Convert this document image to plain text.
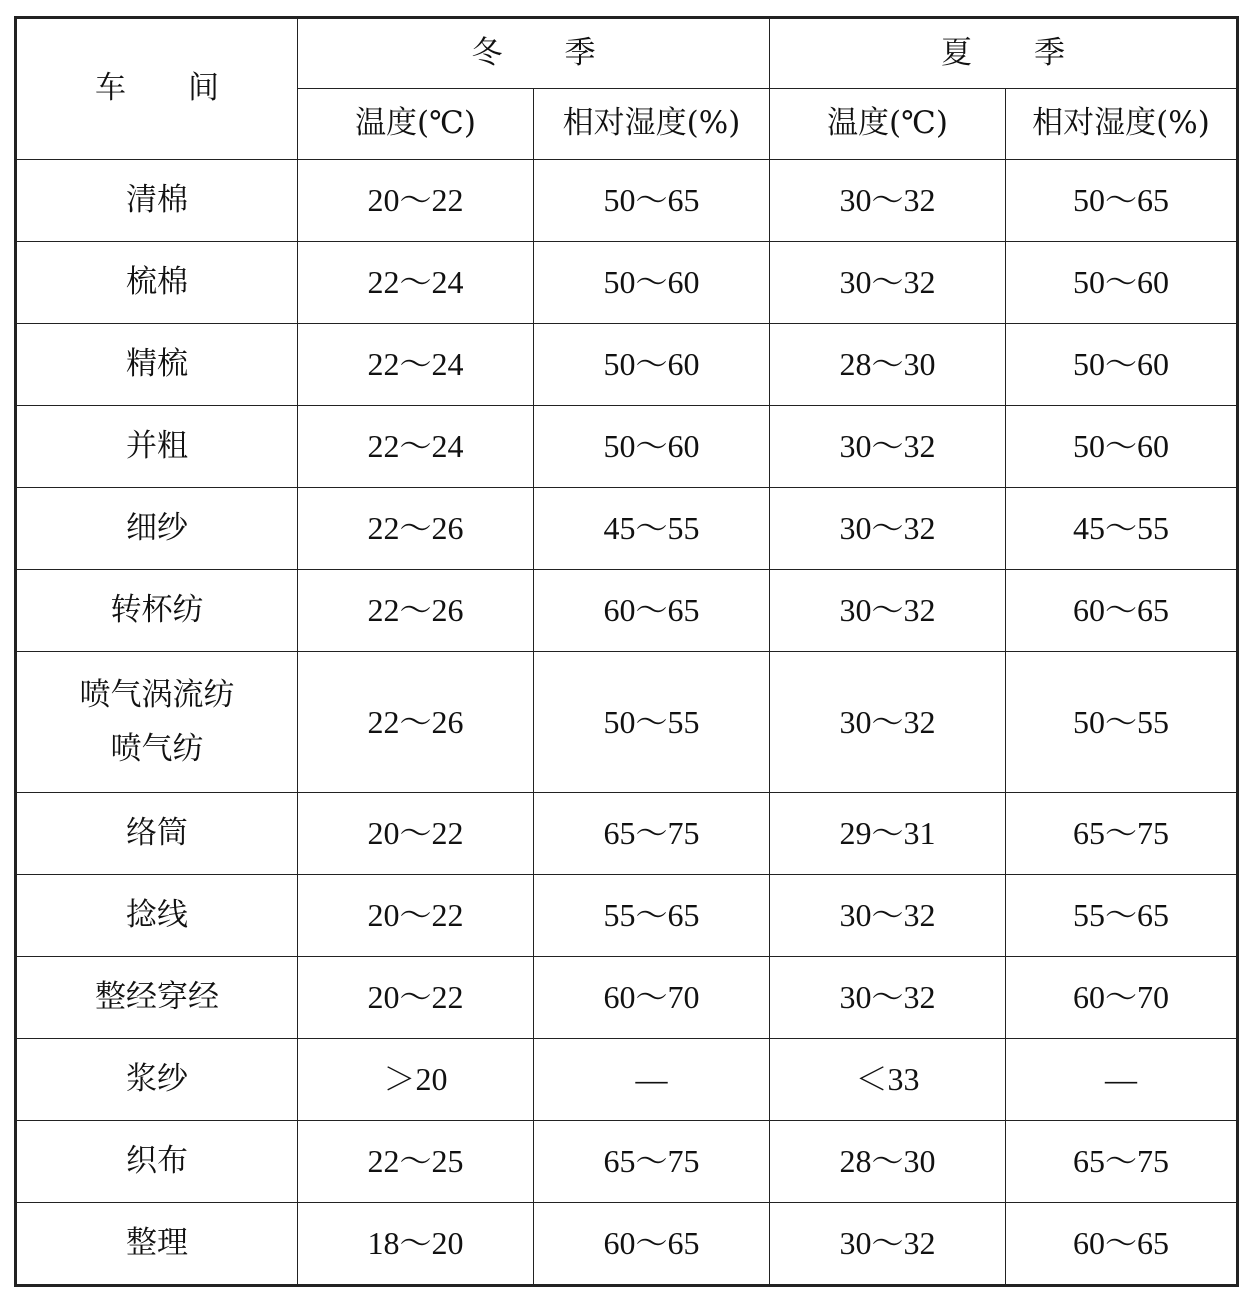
车　　间	冬　　季		夏　　季	
	温度(℃)	相对湿度(%)	温度(℃)	相对湿度(%)
清棉	20～22	50～65	30～32	50～65
梳棉	22～24	50～60	30～32	50～60
精梳	22～24	50～60	28～30	50～60
并粗	22～24	50～60	30～32	50～60
细纱	22～26	45～55	30～32	45～55
转杯纺	22～26	60～65	30～32	60～65

喷气涡流纺
喷气纺	22～26	50～55	30～32	50～55
络筒	20～22	65～75	29～31	65～75
捻线	20～22	55～65	30～32	55～65
整经穿经	20～22	60～70	30～32	60～70
浆纱	＞20	—	＜33	—
织布	22～25	65～75	28～30	65～75
整理	18～20	60～65	30～32	60～65
